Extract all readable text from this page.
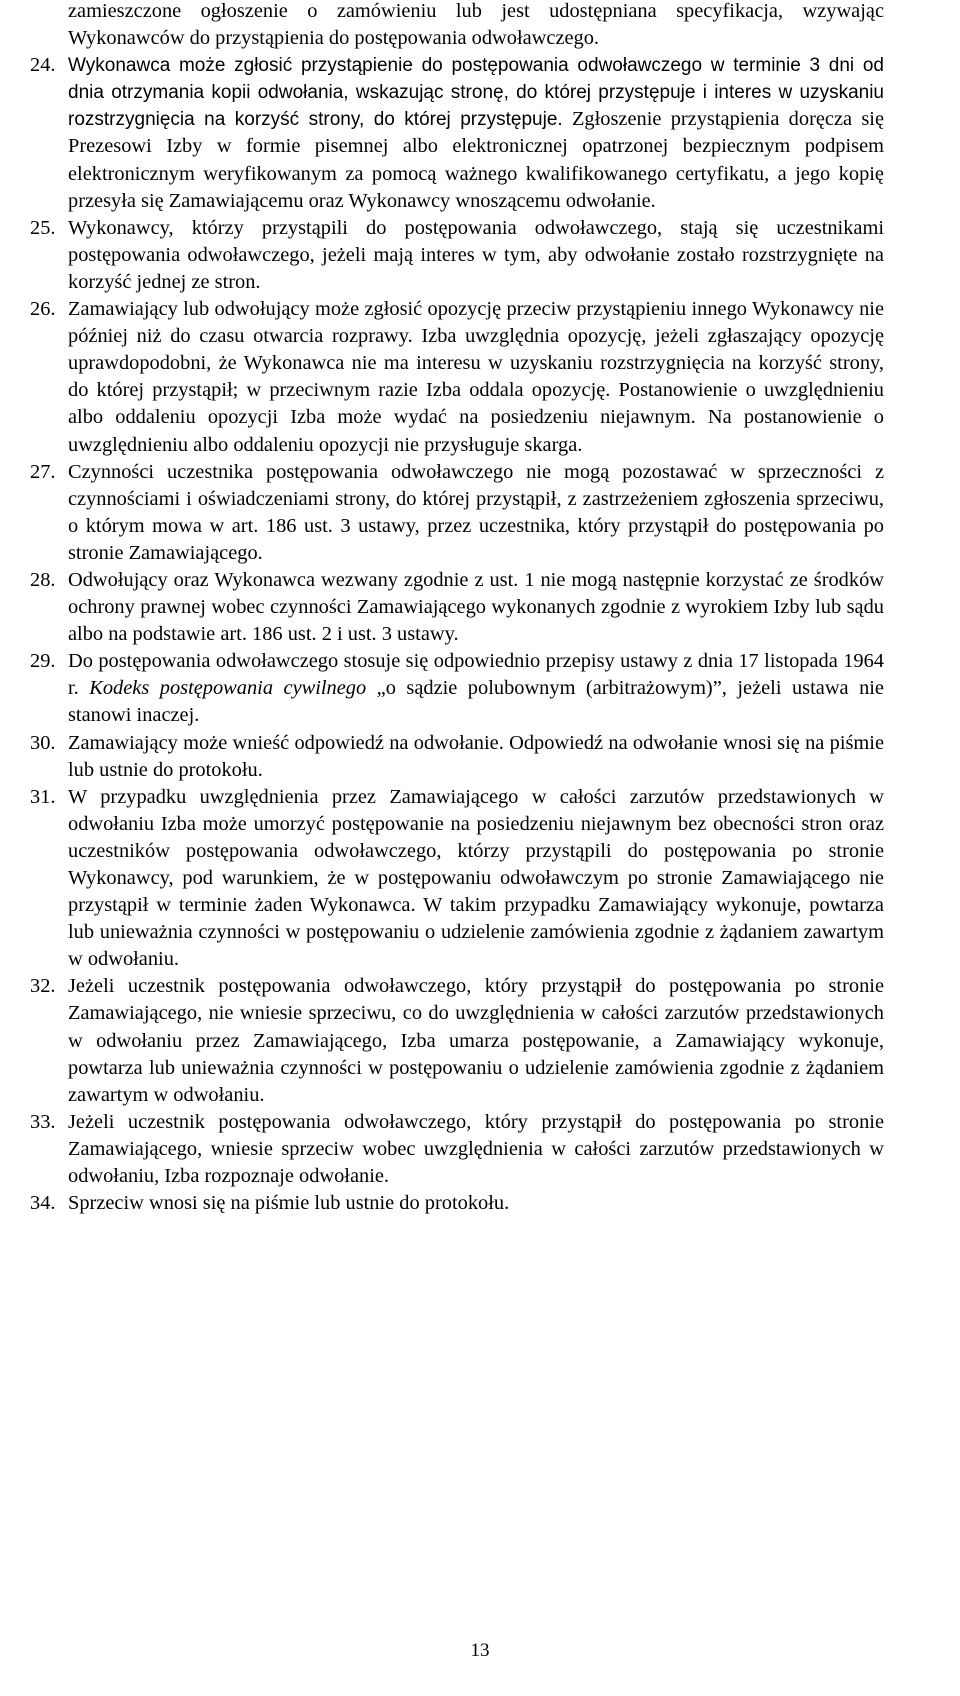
zamieszczone ogłoszenie o zamówieniu lub jest udostępniana specyfikacja, wzywając Wykonawców do przystąpienia do postępowania odwoławczego.
24. Wykonawca może zgłosić przystąpienie do postępowania odwoławczego w terminie 3 dni od dnia otrzymania kopii odwołania, wskazując stronę, do której przystępuje i interes w uzyskaniu rozstrzygnięcia na korzyść strony, do której przystępuje. Zgłoszenie przystąpienia doręcza się Prezesowi Izby w formie pisemnej albo elektronicznej opatrzonej bezpiecznym podpisem elektronicznym weryfikowanym za pomocą ważnego kwalifikowanego certyfikatu, a jego kopię przesyła się Zamawiającemu oraz Wykonawcy wnoszącemu odwołanie.
25. Wykonawcy, którzy przystąpili do postępowania odwoławczego, stają się uczestnikami postępowania odwoławczego, jeżeli mają interes w tym, aby odwołanie zostało rozstrzygnięte na korzyść jednej ze stron.
26. Zamawiający lub odwołujący może zgłosić opozycję przeciw przystąpieniu innego Wykonawcy nie później niż do czasu otwarcia rozprawy. Izba uwzględnia opozycję, jeżeli zgłaszający opozycję uprawdopodobni, że Wykonawca nie ma interesu w uzyskaniu rozstrzygnięcia na korzyść strony, do której przystąpił; w przeciwnym razie Izba oddala opozycję. Postanowienie o uwzględnieniu albo oddaleniu opozycji Izba może wydać na posiedzeniu niejawnym. Na postanowienie o uwzględnieniu albo oddaleniu opozycji nie przysługuje skarga.
27. Czynności uczestnika postępowania odwoławczego nie mogą pozostawać w sprzeczności z czynnościami i oświadczeniami strony, do której przystąpił, z zastrzeżeniem zgłoszenia sprzeciwu, o którym mowa w art. 186 ust. 3 ustawy, przez uczestnika, który przystąpił do postępowania po stronie Zamawiającego.
28. Odwołujący oraz Wykonawca wezwany zgodnie z ust. 1 nie mogą następnie korzystać ze środków ochrony prawnej wobec czynności Zamawiającego wykonanych zgodnie z wyrokiem Izby lub sądu albo na podstawie art. 186 ust. 2 i ust. 3 ustawy.
29. Do postępowania odwoławczego stosuje się odpowiednio przepisy ustawy z dnia 17 listopada 1964 r. Kodeks postępowania cywilnego „o sądzie polubownym (arbitrażowym)”, jeżeli ustawa nie stanowi inaczej.
30. Zamawiający może wnieść odpowiedź na odwołanie. Odpowiedź na odwołanie wnosi się na piśmie lub ustnie do protokołu.
31. W przypadku uwzględnienia przez Zamawiającego w całości zarzutów przedstawionych w odwołaniu Izba może umorzyć postępowanie na posiedzeniu niejawnym bez obecności stron oraz uczestników postępowania odwoławczego, którzy przystąpili do postępowania po stronie Wykonawcy, pod warunkiem, że w postępowaniu odwoławczym po stronie Zamawiającego nie przystąpił w terminie żaden Wykonawca. W takim przypadku Zamawiający wykonuje, powtarza lub unieważnia czynności w postępowaniu o udzielenie zamówienia zgodnie z żądaniem zawartym w odwołaniu.
32. Jeżeli uczestnik postępowania odwoławczego, który przystąpił do postępowania po stronie Zamawiającego, nie wniesie sprzeciwu, co do uwzględnienia w całości zarzutów przedstawionych w odwołaniu przez Zamawiającego, Izba umarza postępowanie, a Zamawiający wykonuje, powtarza lub unieważnia czynności w postępowaniu o udzielenie zamówienia zgodnie z żądaniem zawartym w odwołaniu.
33. Jeżeli uczestnik postępowania odwoławczego, który przystąpił do postępowania po stronie Zamawiającego, wniesie sprzeciw wobec uwzględnienia w całości zarzutów przedstawionych w odwołaniu, Izba rozpoznaje odwołanie.
34. Sprzeciw wnosi się na piśmie lub ustnie do protokołu.
13
